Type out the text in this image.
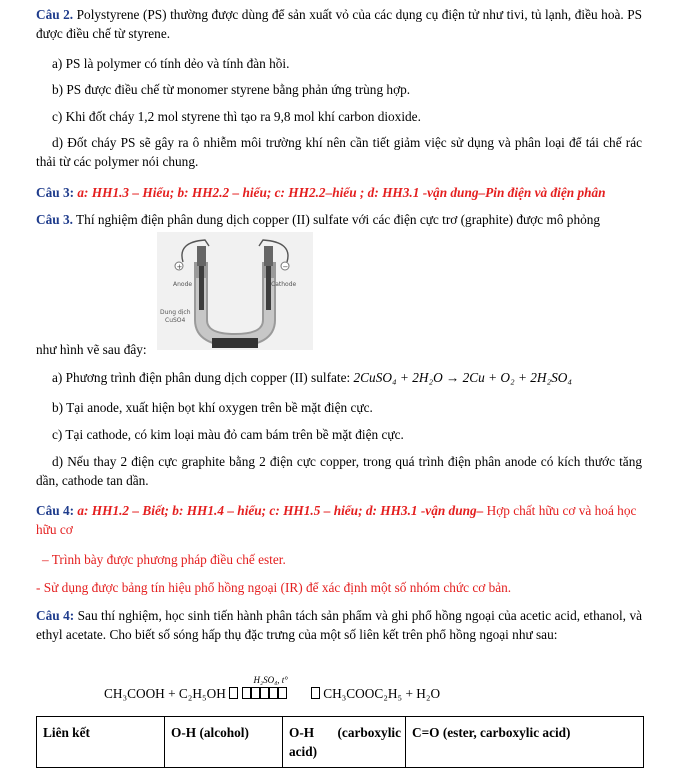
Câu 2. Polystyrene (PS) thường được dùng để sản xuất vỏ của các dụng cụ điện tử như tivi, tủ lạnh, điều hoà. PS được điều chế từ styrene.

a) PS là polymer có tính dẻo và tính đàn hồi.

b) PS được điều chế từ monomer styrene bằng phản ứng trùng hợp.

c) Khi đốt cháy 1,2 mol styrene thì tạo ra 9,8 mol khí carbon dioxide.

d) Đốt cháy PS sẽ gây ra ô nhiễm môi trường khí nên cần tiết giảm việc sử dụng và phân loại để tái chế rác thải từ các polymer nói chung.

Câu 3: a: HH1.3 – Hiểu; b: HH2.2 – hiểu; c: HH2.2–hiểu ; d: HH3.1 -vận dung–Pin điện và điện phân

Câu 3. Thí nghiệm điện phân dung dịch copper (II) sulfate với các điện cực trơ (graphite) được mô phỏng

+	−
Anode	Cathode
Dung dịch
CuSO4

như hình vẽ sau đây:

a) Phương trình điện phân dung dịch copper (II) sulfate: 2CuSO₄ + 2H₂O → 2Cu + O₂ + 2H₂SO₄

b) Tại anode, xuất hiện bọt khí oxygen trên bề mặt điện cực.

c) Tại cathode, có kim loại màu đỏ cam bám trên bề mặt điện cực.

d) Nếu thay 2 điện cực graphite bằng 2 điện cực copper, trong quá trình điện phân anode có kích thước tăng dần, cathode tan dần.

Câu 4: a: HH1.2 – Biết; b: HH1.4 – hiểu; c: HH1.5 – hiểu; d: HH3.1 -vận dung– Hợp chất hữu cơ và hoá học hữu cơ

– Trình bày được phương pháp điều chế ester.

- Sử dụng được bảng tín hiệu phổ hồng ngoại (IR) để xác định một số nhóm chức cơ bản.

Câu 4: Sau thí nghiệm, học sinh tiến hành phân tách sản phẩm và ghi phổ hồng ngoại của acetic acid, ethanol, và ethyl acetate. Cho biết số sóng hấp thụ đặc trưng của một số liên kết trên phổ hồng ngoại như sau:

CH₃COOH + C₂H₅OH
H₂SO₄, t°
CH₃COOC₂H₅ + H₂O
Liên kết	O-H (alcohol)	O-H (carboxylic acid)	C=O (ester, carboxylic acid)
